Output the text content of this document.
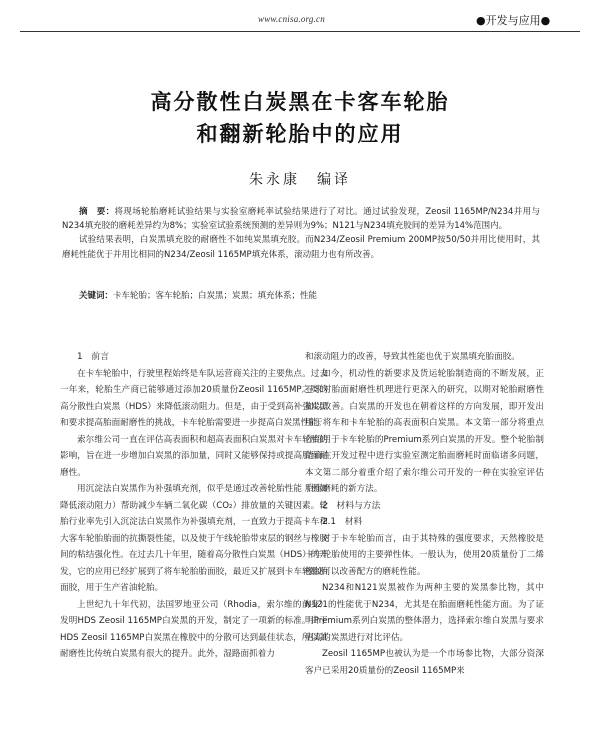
www.cnisa.org.cn	●开发与应用●
高分散性白炭黑在卡客车轮胎
和翻新轮胎中的应用
朱永康　编译

摘　要：将现场轮胎磨耗试验结果与实验室磨耗率试验结果进行了对比。通过试验发现，Zeosil 1165MP/N234并用与N234填充胶的磨耗差异约为8%；实验室试验系统预测的差异则为9%；N121与N234填充胶间的差异为14%范围内。

试验结果表明，白炭黑填充胶的耐磨性不如纯炭黑填充胶。而N234/Zeosil Premium 200MP按50/50并用比使用时，其磨耗性能优于并用比相同的N234/Zeosil 1165MP填充体系，滚动阻力也有所改善。

关键词：卡车轮胎；客车轮胎；白炭黑；炭黑；填充体系；性能
1　前言

在卡车轮胎中，行驶里程始终是车队运营商关注的主要焦点。过去一年来，轮胎生产商已能够通过添加20质量份Zeosil 1165MP之类的高分散性白炭黑（HDS）来降低滚动阻力。但是，由于受到高补强炭黑和要求提高胎面耐磨性的挑战，卡车轮胎需要进一步提高白炭黑性能。

索尔维公司一直在评估高表面积和超高表面积白炭黑对卡车轮胎的影响，旨在进一步增加白炭黑的添加量，同时又能够保持或提高胎面耐磨性。

用沉淀法白炭黑作为补强填充剂，似乎是通过改善轮胎性能（例如降低滚动阻力）帮助减少车辆二氧化碳（CO₂）排放量的关键因素。轮胎行业率先引入沉淀法白炭黑作为补强填充剂，一直致力于提高卡车和大客车轮胎胎面的抗撕裂性能，以及使于午线轮胎带束层的钢丝与橡胶间的粘结强化性。在过去几十年里，随着高分散性白炭黑（HDS）的开发，它的应用已经扩展到了将车轮胎胎面胶，最近又扩展到卡车轮胎胎面胶，用于生产省油轮胎。

上世纪九十年代初，法国罗地亚公司（Rhodia，索尔维的前身）发明HDS Zeosil 1165MP白炭黑的开发，制定了一项新的标准。由于HDS Zeosil 1165MP白炭黑在橡胶中的分散可达到最佳状态，所以其耐磨性比传统白炭黑有很大的提升。此外，湿路面抓着力

和滚动阻力的改善，导致其性能也优于炭黑填充胎面胶。

如今，机动性的新要求及货运轮胎制造商的不断发展，正寻求对胎面耐磨性机理进行更深入的研究，以期对轮胎耐磨性加以改善。白炭黑的开发也在朝着这样的方向发展，即开发出用于将车和卡车轮胎的高表面积白炭黑。本文第一部分将重点介绍用于卡车轮胎的Premium系列白炭黑的开发。整个轮胎制造商在开发过程中进行实验室测定胎面磨耗时面临诸多问题，本文第二部分着重介绍了索尔维公司开发的一种在实验室评估胎面磨耗的新方法。

2　材料与方法
2.1　材料

对于卡车轮胎而言，由于其特殊的强度要求，天然橡胶是卡车轮胎使用的主要弹性体。一般认为，使用20质量份丁二烯橡胶可以改善配方的磨耗性能。

N234和N121炭黑被作为两种主要的炭黑参比物，其中N121的性能优于N234，尤其是在胎面磨耗性能方面。为了证明Premium系列白炭黑的整体潜力，选择索尔维白炭黑与要求更高的炭黑进行对比评估。

Zeosil 1165MP也被认为是一个市场参比物，大部分资深客户已采用20质量份的Zeosil 1165MP来
